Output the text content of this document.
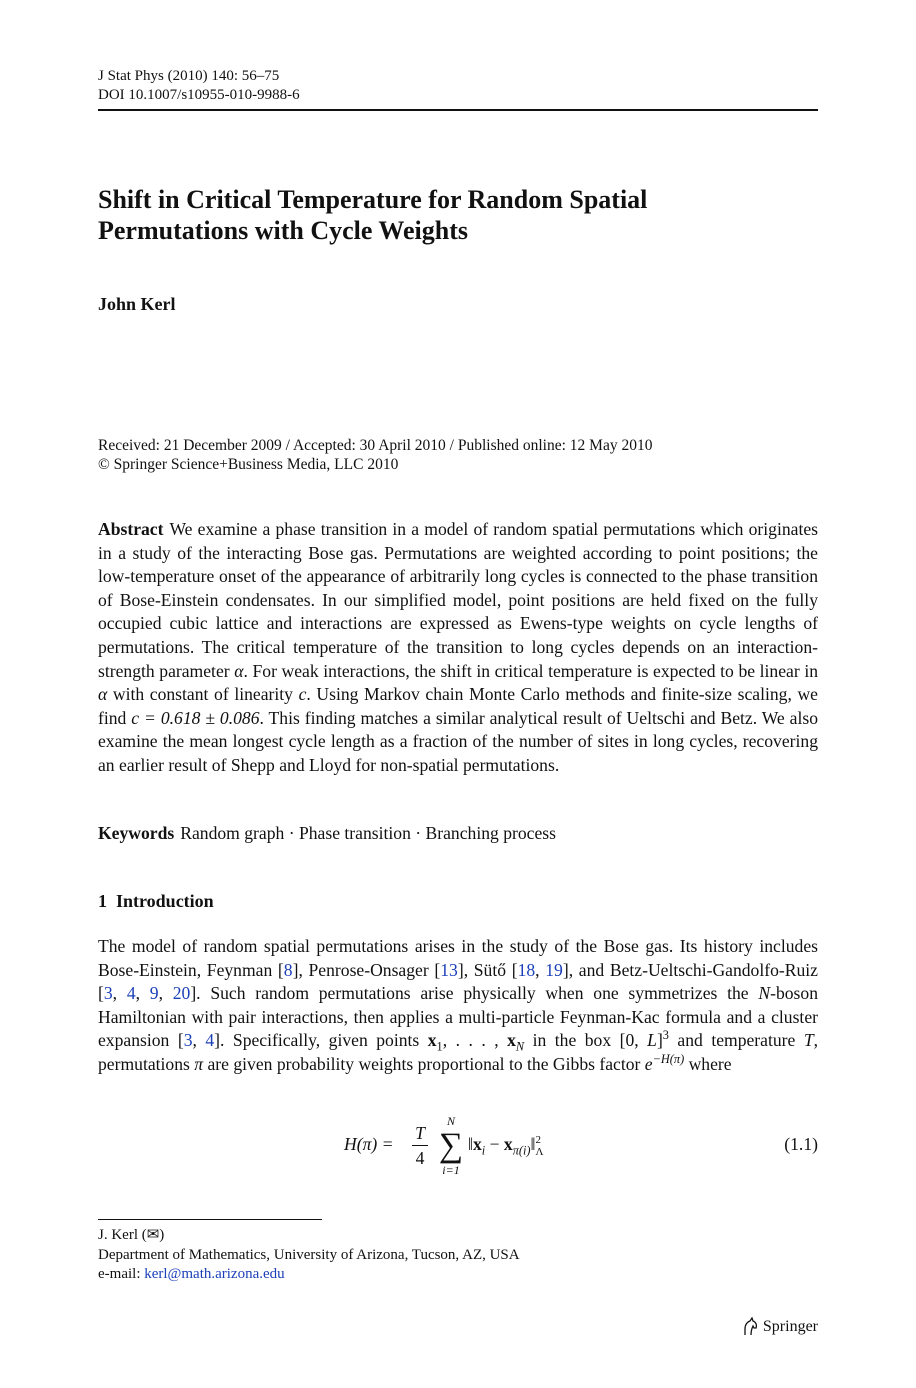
J Stat Phys (2010) 140: 56–75
DOI 10.1007/s10955-010-9988-6
Shift in Critical Temperature for Random Spatial
Permutations with Cycle Weights
John Kerl
Received: 21 December 2009 / Accepted: 30 April 2010 / Published online: 12 May 2010
© Springer Science+Business Media, LLC 2010
Abstract We examine a phase transition in a model of random spatial permutations which originates in a study of the interacting Bose gas. Permutations are weighted according to point positions; the low-temperature onset of the appearance of arbitrarily long cycles is connected to the phase transition of Bose-Einstein condensates. In our simplified model, point positions are held fixed on the fully occupied cubic lattice and interactions are expressed as Ewens-type weights on cycle lengths of permutations. The critical temperature of the transition to long cycles depends on an interaction-strength parameter α. For weak interactions, the shift in critical temperature is expected to be linear in α with constant of linearity c. Using Markov chain Monte Carlo methods and finite-size scaling, we find c = 0.618 ± 0.086. This finding matches a similar analytical result of Ueltschi and Betz. We also examine the mean longest cycle length as a fraction of the number of sites in long cycles, recovering an earlier result of Shepp and Lloyd for non-spatial permutations.
Keywords Random graph · Phase transition · Branching process
1 Introduction
The model of random spatial permutations arises in the study of the Bose gas. Its history includes Bose-Einstein, Feynman [8], Penrose-Onsager [13], Sütő [18, 19], and Betz-Ueltschi-Gandolfo-Ruiz [3, 4, 9, 20]. Such random permutations arise physically when one symmetrizes the N-boson Hamiltonian with pair interactions, then applies a multi-particle Feynman-Kac formula and a cluster expansion [3, 4]. Specifically, given points $x_1$, . . . , $x_N$ in the box [0, L]$^3$ and temperature T, permutations π are given probability weights proportional to the Gibbs factor $e^{-H(\pi)}$ where
H(π) =
T
4
N
∑
i=1
$‖x_i$ − $x_{\pi(i)}‖$ 2
Λ	(1.1)
J. Kerl (✉)
Department of Mathematics, University of Arizona, Tucson, AZ, USA
e-mail: kerl@math.arizona.edu
Springer
